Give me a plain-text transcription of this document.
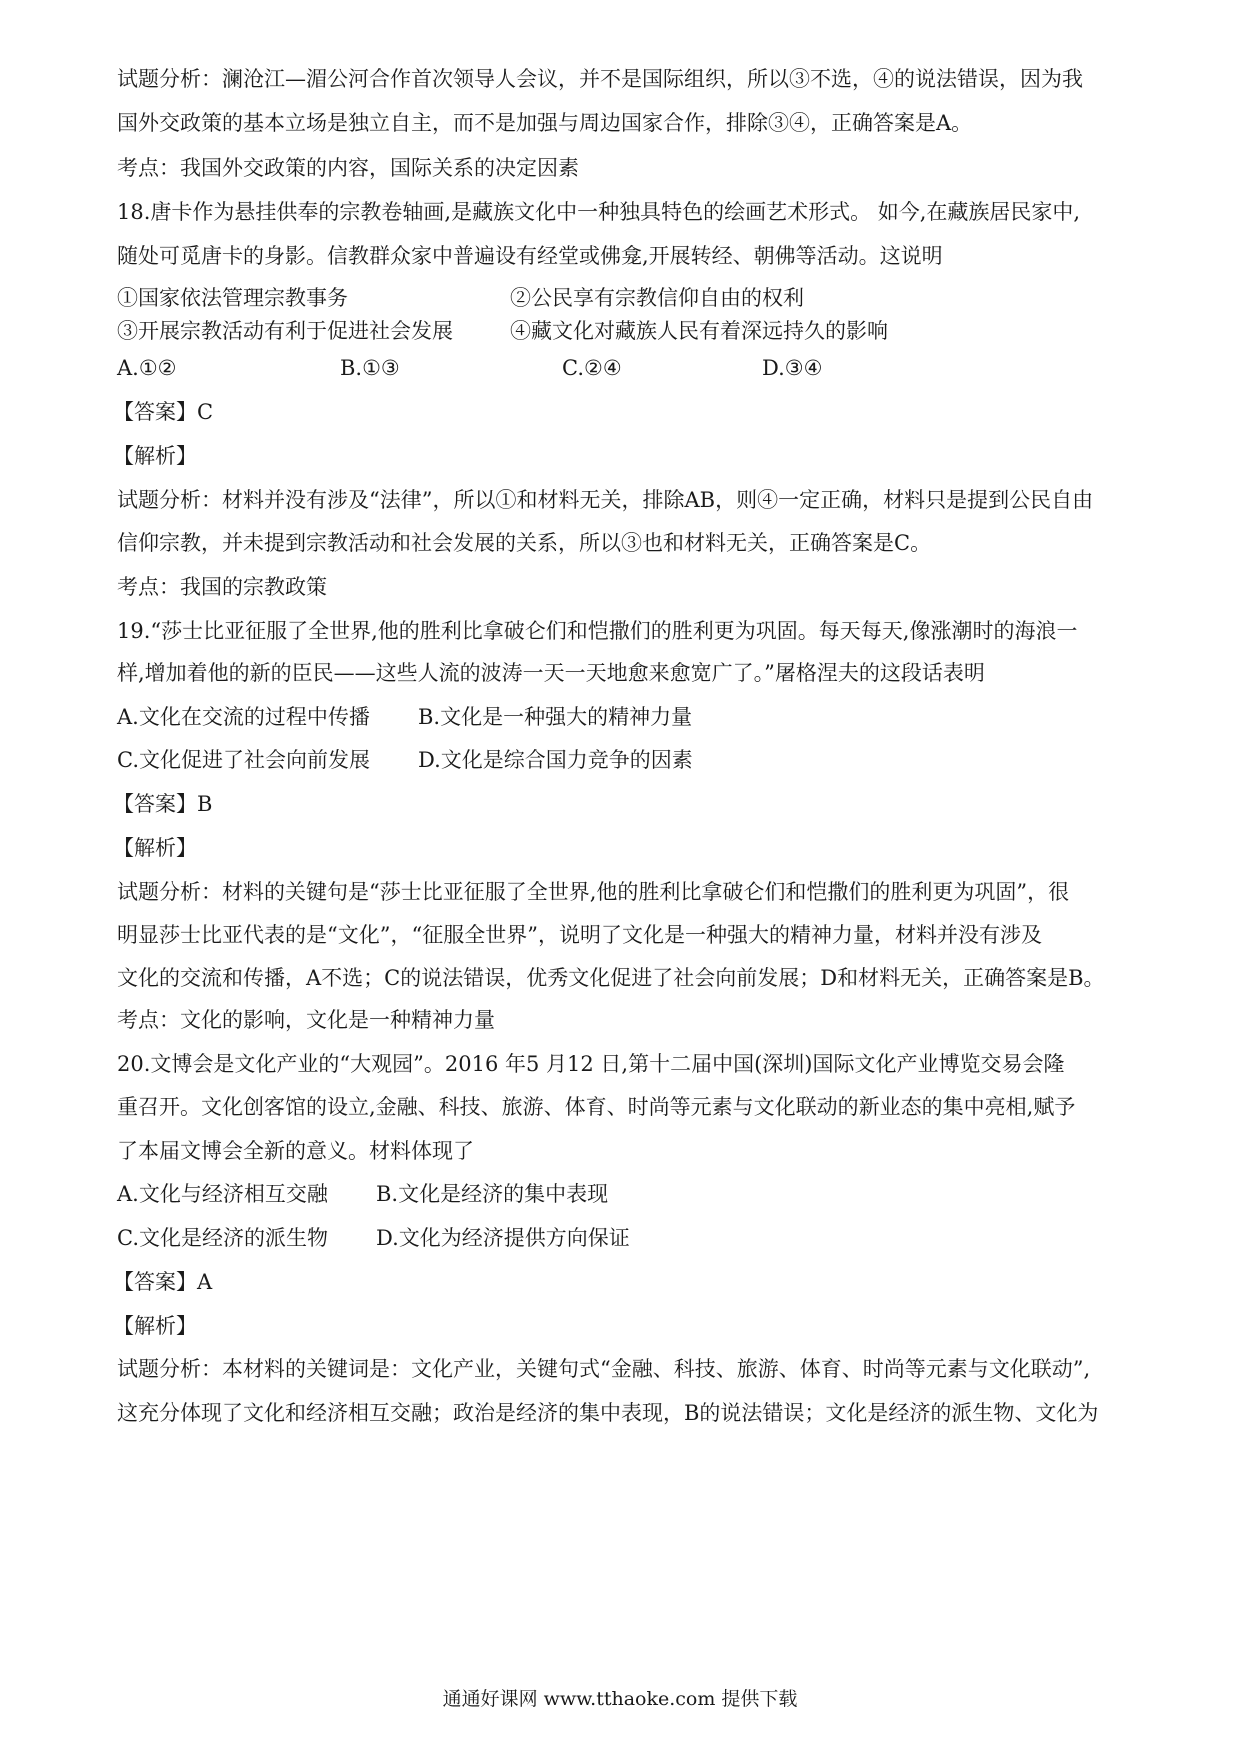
试题分析：澜沧江—湄公河合作首次领导人会议，并不是国际组织，所以③不选，④的说法错误，因为我
国外交政策的基本立场是独立自主，而不是加强与周边国家合作，排除③④，正确答案是A。
考点：我国外交政策的内容，国际关系的决定因素
18.唐卡作为悬挂供奉的宗教卷轴画,是藏族文化中一种独具特色的绘画艺术形式。 如今,在藏族居民家中,
随处可觅唐卡的身影。信教群众家中普遍设有经堂或佛龛,开展转经、朝佛等活动。这说明
①国家依法管理宗教事务	②公民享有宗教信仰自由的权利
③开展宗教活动有利于促进社会发展	④藏文化对藏族人民有着深远持久的影响
A.①②	B.①③	C.②④	D.③④
【答案】C
【解析】
试题分析：材料并没有涉及“法律”，所以①和材料无关，排除AB，则④一定正确，材料只是提到公民自由
信仰宗教，并未提到宗教活动和社会发展的关系，所以③也和材料无关，正确答案是C。
考点：我国的宗教政策
19.“莎士比亚征服了全世界,他的胜利比拿破仑们和恺撒们的胜利更为巩固。每天每天,像涨潮时的海浪一
样,增加着他的新的臣民——这些人流的波涛一天一天地愈来愈宽广了。”屠格涅夫的这段话表明
A.文化在交流的过程中传播 B.文化是一种强大的精神力量
C.文化促进了社会向前发展 D.文化是综合国力竞争的因素
【答案】B
【解析】
试题分析：材料的关键句是“莎士比亚征服了全世界,他的胜利比拿破仑们和恺撒们的胜利更为巩固”，很
明显莎士比亚代表的是“文化”，“征服全世界”，说明了文化是一种强大的精神力量，材料并没有涉及
文化的交流和传播，A不选；C的说法错误，优秀文化促进了社会向前发展；D和材料无关，正确答案是B。
考点：文化的影响，文化是一种精神力量
20.文博会是文化产业的“大观园”。2016 年5 月12 日,第十二届中国(深圳)国际文化产业博览交易会隆
重召开。文化创客馆的设立,金融、科技、旅游、体育、时尚等元素与文化联动的新业态的集中亮相,赋予
了本届文博会全新的意义。材料体现了
A.文化与经济相互交融 B.文化是经济的集中表现
C.文化是经济的派生物 D.文化为经济提供方向保证
【答案】A
【解析】
试题分析：本材料的关键词是：文化产业，关键句式“金融、科技、旅游、体育、时尚等元素与文化联动”,
这充分体现了文化和经济相互交融；政治是经济的集中表现，B的说法错误；文化是经济的派生物、文化为
通通好课网 www.tthaoke.com 提供下载
